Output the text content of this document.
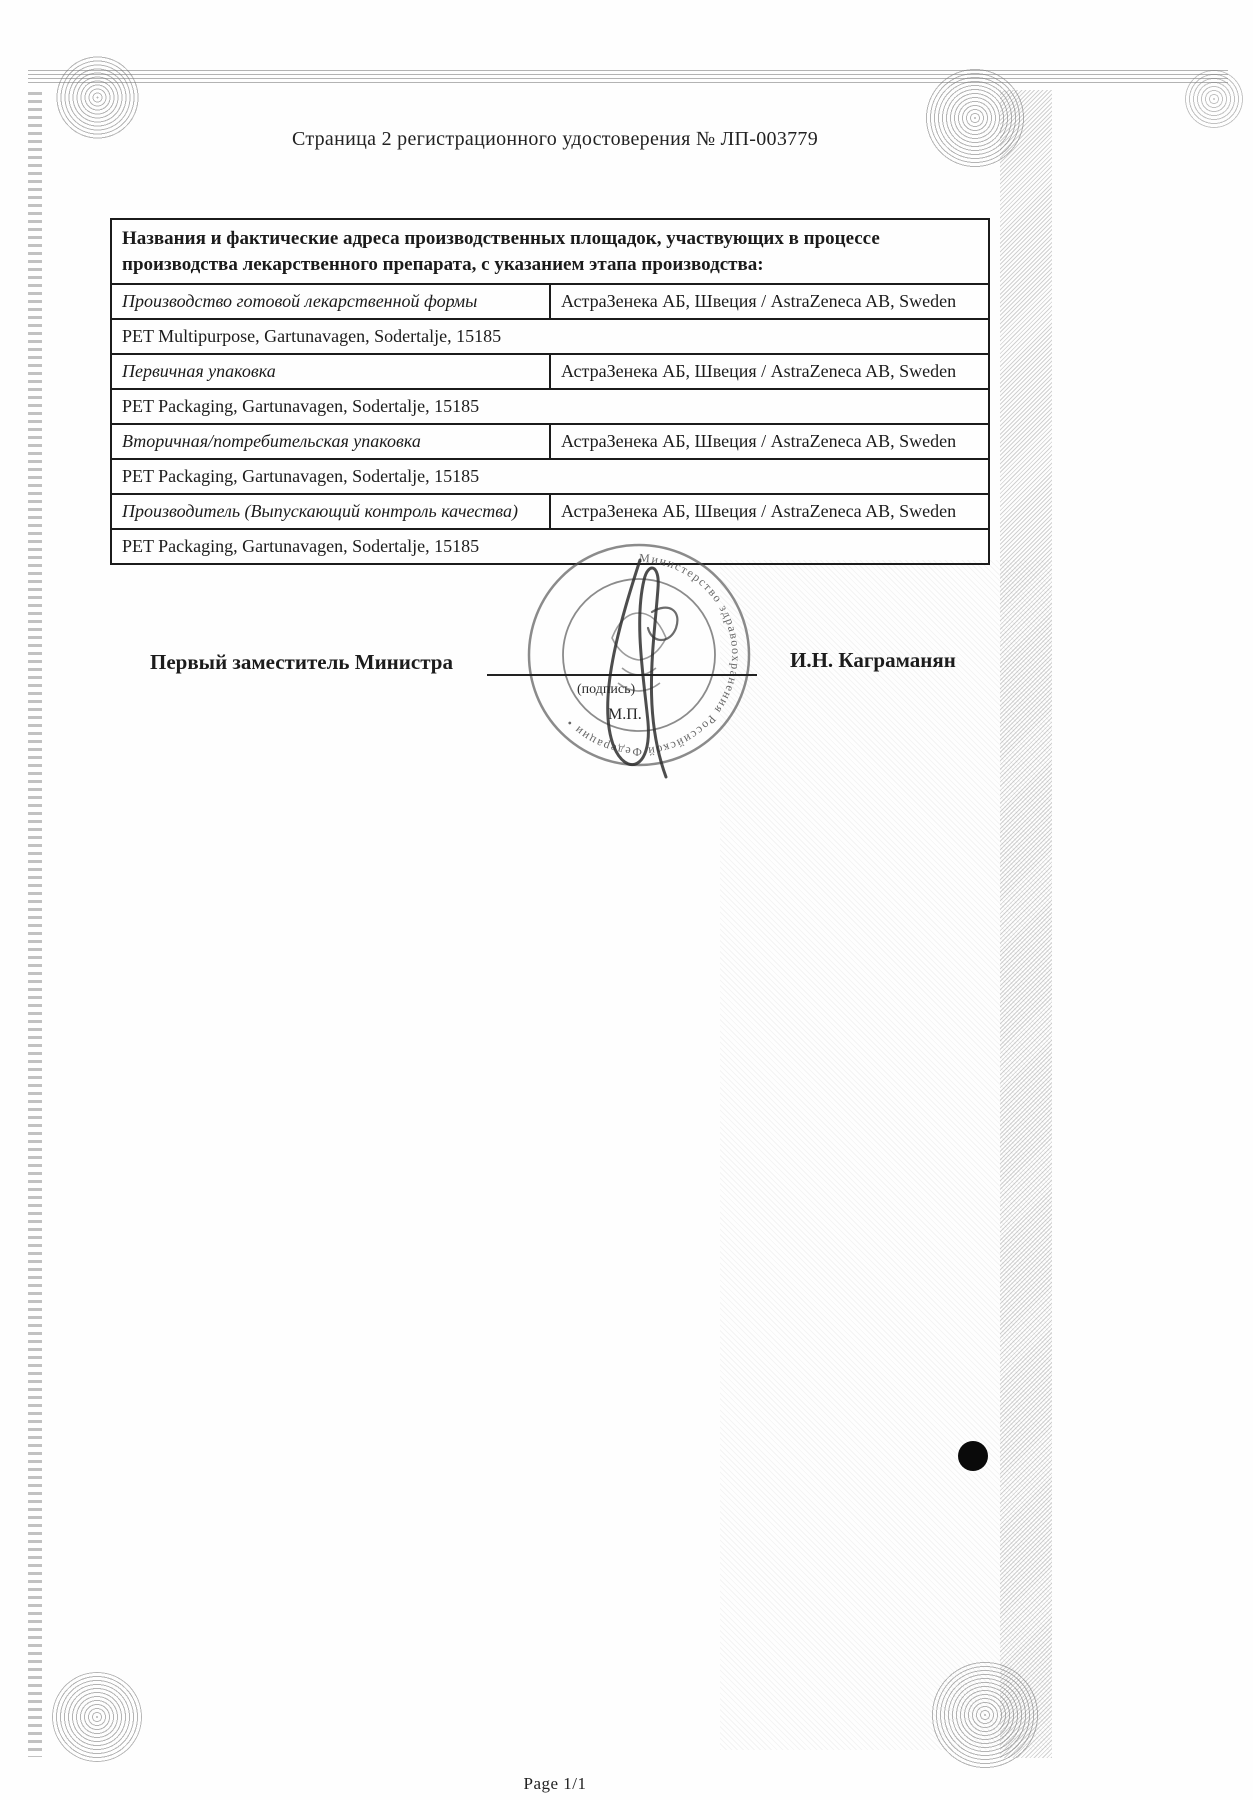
Страница 2 регистрационного удостоверения № ЛП-003779
Названия и фактические адреса производственных площадок, участвующих в процессе производства лекарственного препарата, с указанием этапа производства:	
Производство готовой лекарственной формы	АстраЗенека АБ, Швеция / AstraZeneca AB, Sweden
PET Multipurpose, Gartunavagen, Sodertalje, 15185	
Первичная упаковка	АстраЗенека АБ, Швеция / AstraZeneca AB, Sweden
PET Packaging, Gartunavagen, Sodertalje, 15185	
Вторичная/потребительская упаковка	АстраЗенека АБ, Швеция / AstraZeneca AB, Sweden
PET Packaging, Gartunavagen, Sodertalje, 15185	
Производитель (Выпускающий контроль качества)	АстраЗенека АБ, Швеция / AstraZeneca AB, Sweden
PET Packaging, Gartunavagen, Sodertalje, 15185	
Министерство здравоохранения Российской Федерации •
Первый заместитель Министра
(подпись)
М.П.
И.Н. Каграманян
Page 1/1
